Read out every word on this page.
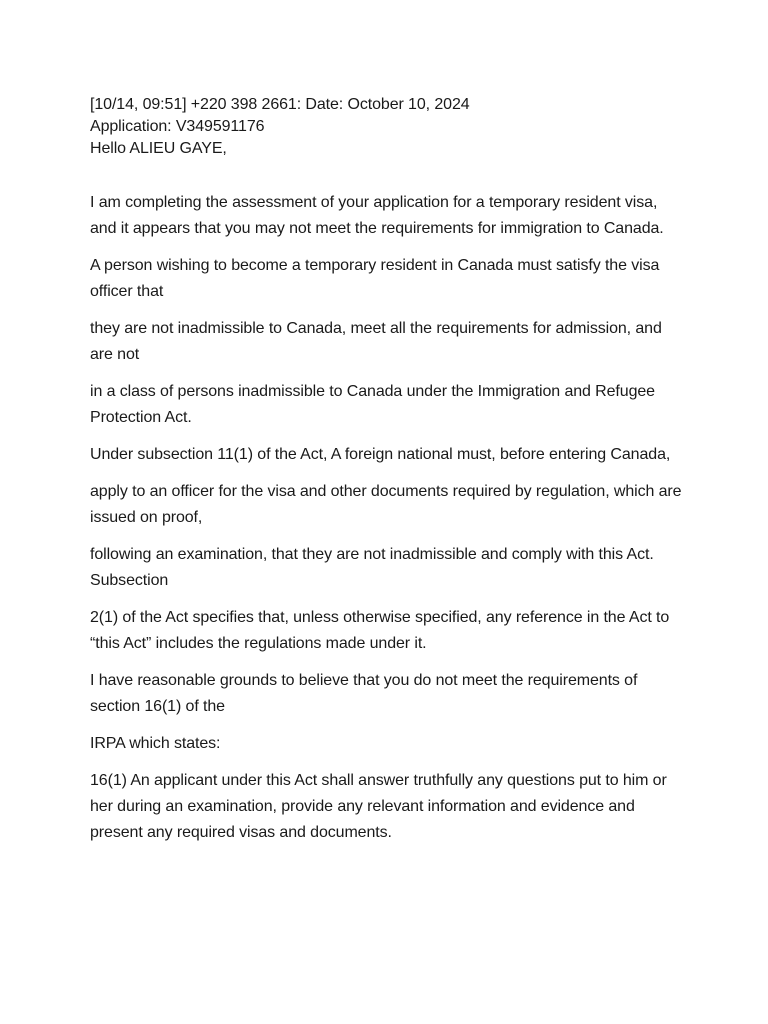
[10/14, 09:51] +220 398 2661: Date: October 10, 2024

Application: V349591176

Hello ALIEU GAYE,

I am completing the assessment of your application for a temporary resident visa, and it appears that you may not meet the requirements for immigration to Canada.

A person wishing to become a temporary resident in Canada must satisfy the visa officer that

they are not inadmissible to Canada, meet all the requirements for admission, and are not

in a class of persons inadmissible to Canada under the Immigration and Refugee Protection Act.

Under subsection 11(1) of the Act, A foreign national must, before entering Canada,

apply to an officer for the visa and other documents required by regulation, which are issued on proof,

following an examination, that they are not inadmissible and comply with this Act. Subsection

2(1) of the Act specifies that, unless otherwise specified, any reference in the Act to “this Act” includes the regulations made under it.

I have reasonable grounds to believe that you do not meet the requirements of section 16(1) of the

IRPA which states:

16(1) An applicant under this Act shall answer truthfully any questions put to him or her during an examination, provide any relevant information and evidence and present any required visas and documents.
